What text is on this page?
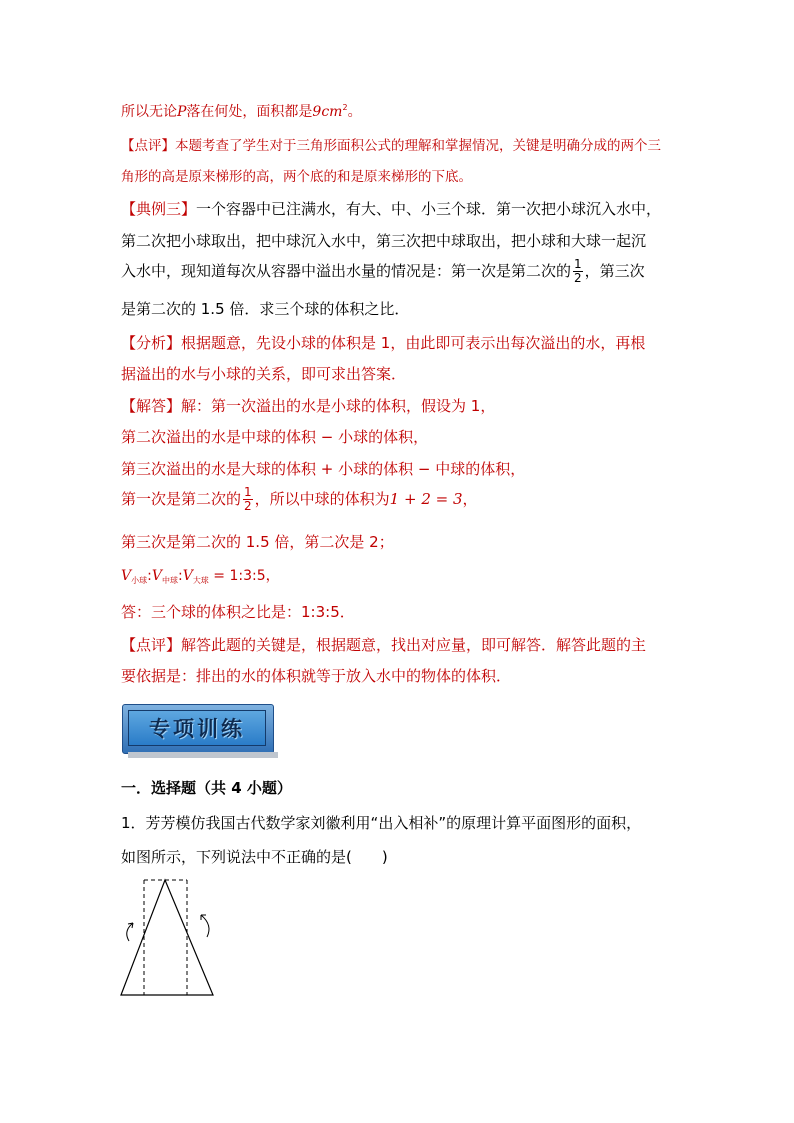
所以无论P落在何处，面积都是$9cm^2$。
【点评】本题考查了学生对于三角形面积公式的理解和掌握情况，关键是明确分成的两个三
角形的高是原来梯形的高，两个底的和是原来梯形的下底。
【典例三】一个容器中已注满水，有大、中、小三个球．第一次把小球沉入水中，
第二次把小球取出，把中球沉入水中，第三次把中球取出，把小球和大球一起沉
入水中，现知道每次从容器中溢出水量的情况是：第一次是第二次的 $\frac{1}{2}$ ，第三次
是第二次的 1.5 倍．求三个球的体积之比．
【分析】根据题意，先设小球的体积是 1，由此即可表示出每次溢出的水，再根
据溢出的水与小球的关系，即可求出答案．
【解答】解：第一次溢出的水是小球的体积，假设为 1，
第二次溢出的水是中球的体积 − 小球的体积，
第三次溢出的水是大球的体积 + 小球的体积 − 中球的体积，
第一次是第二次的 $\frac{1}{2}$ ，所以中球的体积为1 + 2 = 3，
第三次是第二次的 1.5 倍，第二次是 2；
$V_{小球}:V_{中球}:V_{大球}$ = 1:3:5，
答：三个球的体积之比是：1:3:5．
【点评】解答此题的关键是，根据题意，找出对应量，即可解答．解答此题的主
要依据是：排出的水的体积就等于放入水中的物体的体积．
专项训练
一．选择题（共 4 小题）
1．芳芳模仿我国古代数学家刘徽利用“出入相补”的原理计算平面图形的面积，
如图所示，下列说法中不正确的是(　　)
